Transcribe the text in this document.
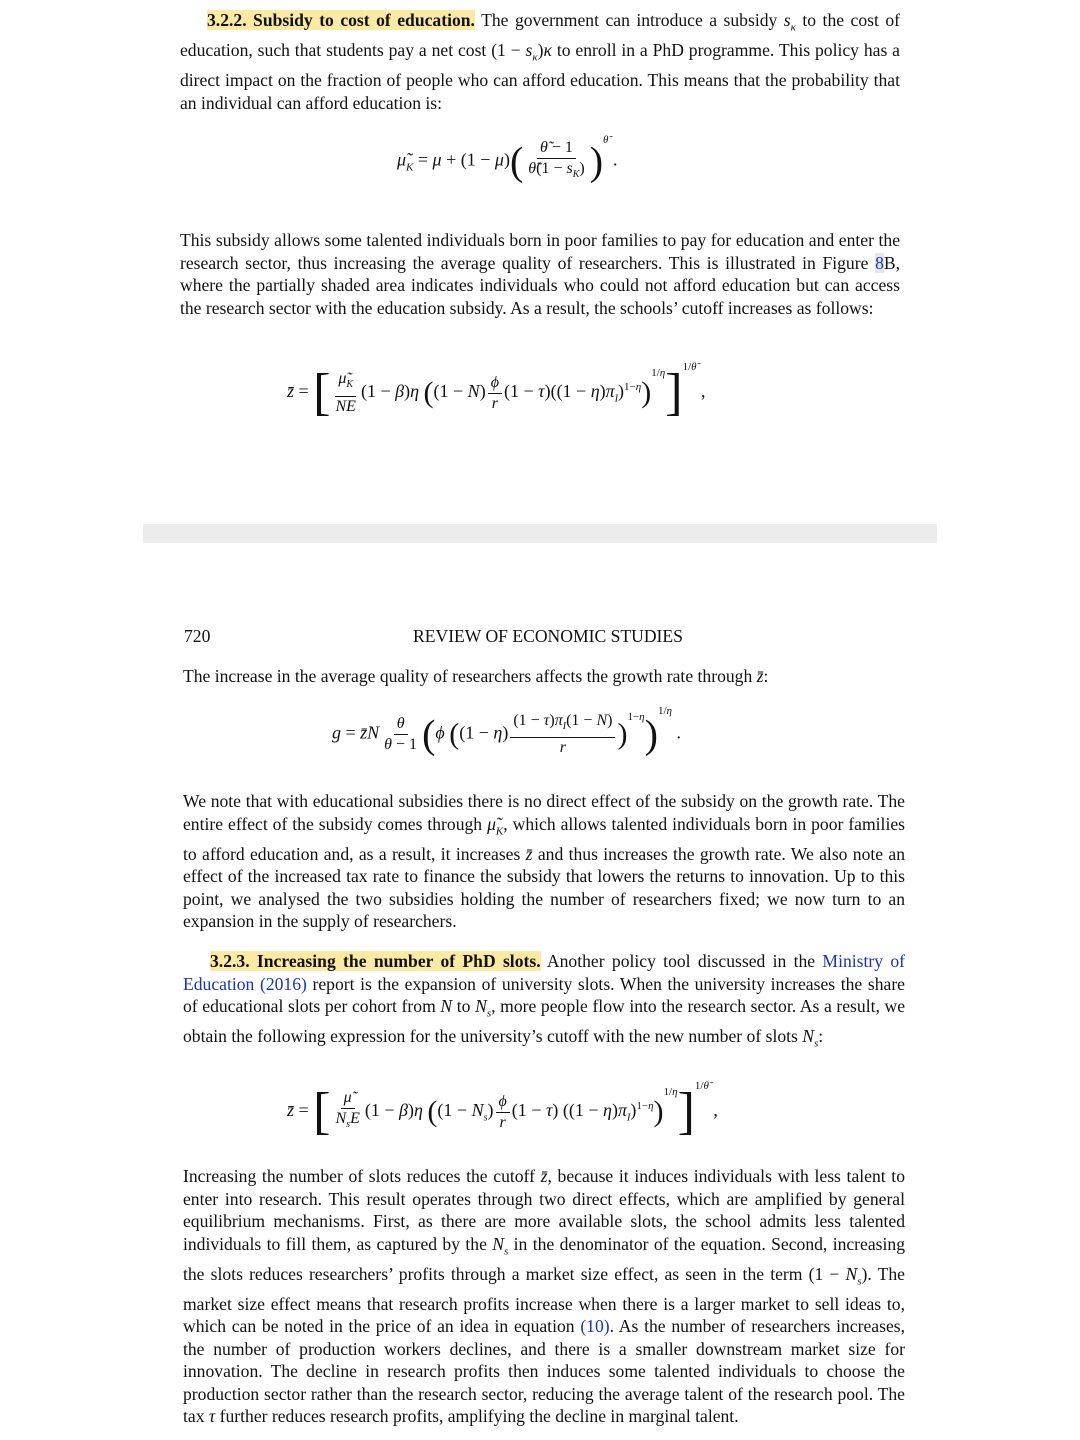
3.2.2. Subsidy to cost of education. The government can introduce a subsidy $s_\kappa$ to the cost of education, such that students pay a net cost $(1 - s_\kappa)\kappa$ to enroll in a PhD programme. This policy has a direct impact on the fraction of people who can afford education. This means that the probability that an individual can afford education is:

$\mũ_K = \mu + (1 - \mu)( \frac{\thetã - 1}{\thetã(1 - s_K)} )^{\thetã}$ .

This subsidy allows some talented individuals born in poor families to pay for education and enter the research sector, thus increasing the average quality of researchers. This is illustrated in Figure 8B, where the partially shaded area indicates individuals who could not afford education but can access the research sector with the education subsidy. As a result, the schools’ cutoff increases as follows:

z̄ = [ $\frac{\mũ_K}{NE} (1 - \beta)\eta$ $((1 - N) \frac{\phi}{r} (1 - \tau)((1 - \eta)\pi_I)^{1-\eta})^{1/\eta}]^{1/\thetã}$ ,
720	REVIEW OF ECONOMIC STUDIES

The increase in the average quality of researchers affects the growth rate through z̄:

g = z̄N $\frac{\theta}{\theta - 1} (\phi$ $((1 - \eta) \frac{(1 - \tau)\pi_I(1 - N)}{r} )^{1-\eta})^{1/\eta}$ .

We note that with educational subsidies there is no direct effect of the subsidy on the growth rate. The entire effect of the subsidy comes through $\mũ_K$, which allows talented individuals born in poor families to afford education and, as a result, it increases z̄ and thus increases the growth rate. We also note an effect of the increased tax rate to finance the subsidy that lowers the returns to innovation. Up to this point, we analysed the two subsidies holding the number of researchers fixed; we now turn to an expansion in the supply of researchers.

3.2.3. Increasing the number of PhD slots. Another policy tool discussed in the Ministry of Education (2016) report is the expansion of university slots. When the university increases the share of educational slots per cohort from N to $N_s$, more people flow into the research sector. As a result, we obtain the following expression for the university’s cutoff with the new number of slots $N_s$:

z̄ = [ $\frac{\mũ}{N_sE} (1 - \beta)\eta$ ($(1 - N_s) \frac{\phi}{r} (1 - \tau)$ $((1 - \eta)\pi_I)^{1-\eta})^{1/\eta}]^{1/\thetã}$ ,

Increasing the number of slots reduces the cutoff z̄, because it induces individuals with less talent to enter into research. This result operates through two direct effects, which are amplified by general equilibrium mechanisms. First, as there are more available slots, the school admits less talented individuals to fill them, as captured by the $N_s$ in the denominator of the equation. Second, increasing the slots reduces researchers’ profits through a market size effect, as seen in the term $(1 - N_s)$. The market size effect means that research profits increase when there is a larger market to sell ideas to, which can be noted in the price of an idea in equation (10). As the number of researchers increases, the number of production workers declines, and there is a smaller downstream market size for innovation. The decline in research profits then induces some talented individuals to choose the production sector rather than the research sector, reducing the average talent of the research pool. The tax τ further reduces research profits, amplifying the decline in marginal talent.
